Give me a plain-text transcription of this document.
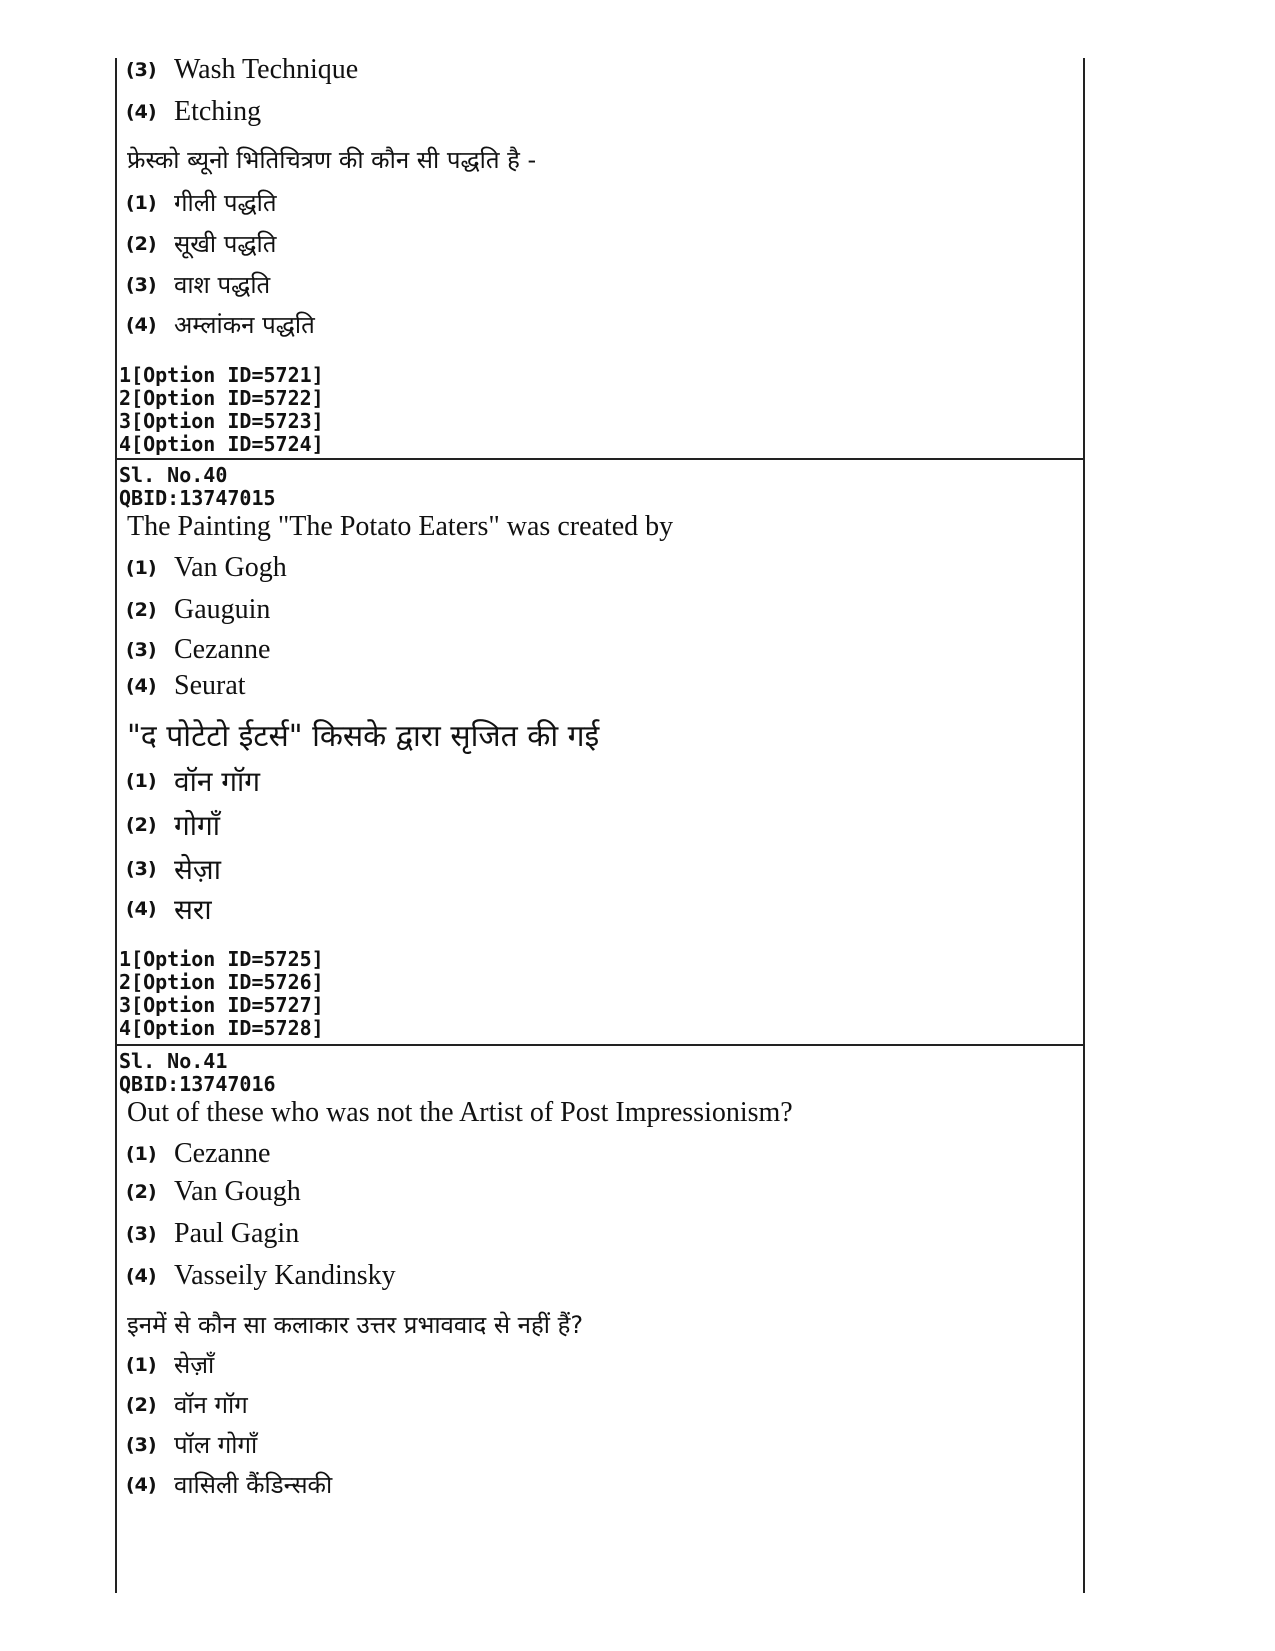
(3) Wash Technique
(4) Etching
फ्रेस्को ब्यूनो भितिचित्रण की कौन सी पद्धति है -
(1) गीली पद्धति
(2) सूखी पद्धति
(3) वाश पद्धति
(4) अम्लांकन पद्धति
1[Option ID=5721]
2[Option ID=5722]
3[Option ID=5723]
4[Option ID=5724]
Sl. No.40
QBID:13747015
The Painting "The Potato Eaters" was created by
(1) Van Gogh
(2) Gauguin
(3) Cezanne
(4) Seurat
"द पोटेटो ईटर्स" किसके द्वारा सृजित की गई
(1) वॉन गॉग
(2) गोगाँ
(3) सेज़ा
(4) सरा
1[Option ID=5725]
2[Option ID=5726]
3[Option ID=5727]
4[Option ID=5728]
Sl. No.41
QBID:13747016
Out of these who was not the Artist of Post Impressionism?
(1) Cezanne
(2) Van Gough
(3) Paul Gagin
(4) Vasseily Kandinsky
इनमें से कौन सा कलाकार उत्तर प्रभाववाद से नहीं हैं?
(1) सेज़ाँ
(2) वॉन गॉग
(3) पॉल गोगाँ
(4) वासिली कैंडिन्सकी
